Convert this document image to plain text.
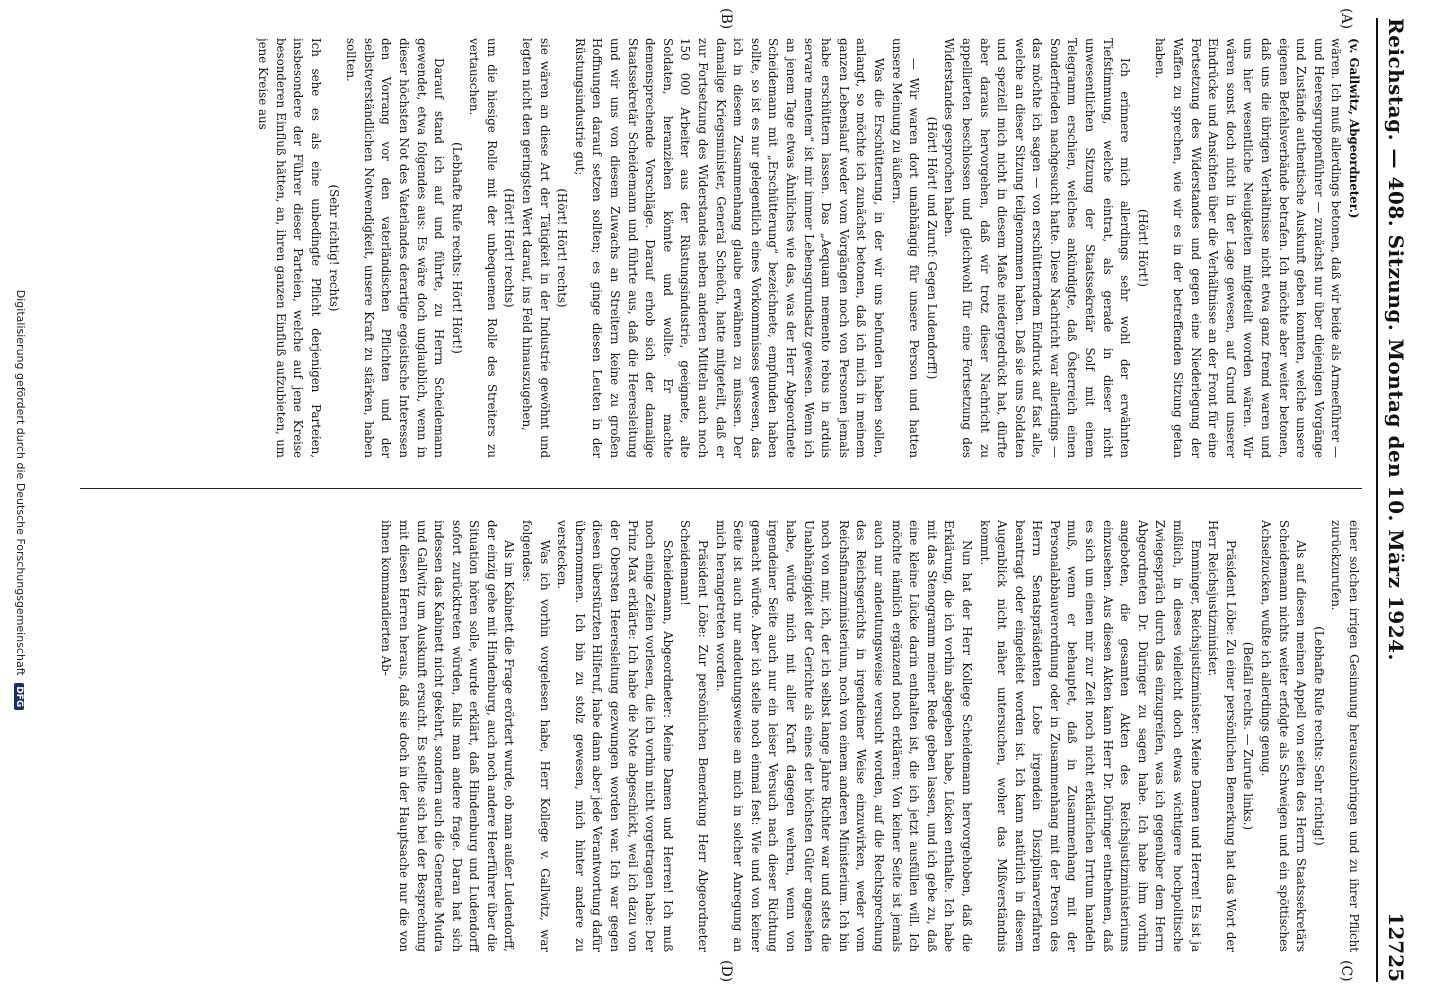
Reichstag. — 408. Sitzung. Montag den 10. März 1924.
12725
(A)
(B)
(C)
(D)

(v. Gallwitz, Abgeordneter.)

wären. Ich muß allerdings betonen, daß wir beide als Armeeführer — und Heeresgruppenführer — zunächst nur über diejenigen Vorgänge und Zustände authentische Auskunft geben konnten, welche unsere eigenen Befehlsverbände betrafen. Ich möchte aber weiter betonen, daß uns die übrigen Verhältnisse nicht etwa ganz fremd waren und uns hier wesentliche Neuigkeiten mitgeteilt worden wären. Wir wären sonst doch nicht in der Lage gewesen, auf Grund unserer Eindrücke und Ansichten über die Verhältnisse an der Front für eine Fortsetzung des Widerstandes und gegen eine Niederlegung der Waffen zu sprechen, wie wir es in der betreffenden Sitzung getan haben.

(Hört! Hört!)

Ich erinnere mich allerdings sehr wohl der erwähnten Tiefstimmung, welche eintrat, als gerade in dieser nicht unwesentlichen Sitzung der Staatssekretär Solf mit einem Telegramm erschien, welches ankündigte, daß Österreich einen Sonderfrieden nachgesucht hatte. Diese Nachricht war allerdings — das möchte ich sagen — von erschütterndem Eindruck auf fast alle, welche an dieser Sitzung teilgenommen haben. Daß sie uns Soldaten und speziell mich nicht in diesem Maße niedergedrückt hat, dürfte aber daraus hervorgehen, daß wir trotz dieser Nachricht zu appellierten beschlossen und gleichwohl für eine Fortsetzung des Widerstandes gesprochen haben.

(Hört! Hört! und Zuruf: Gegen Ludendorff!)

— Wir waren dort unabhängig für unsere Person und hatten unsere Meinung zu äußern.

Was die Erschütterung, in der wir uns befunden haben sollen, anlangt, so möchte ich zunächst betonen, daß ich mich in meinem ganzen Lebenslauf weder vom Vorgängen noch von Personen jemals habe erschüttern lassen. Das „Aequam memento rebus in arduis servare mentem“ ist mir immer Lebensgrundsatz gewesen. Wenn ich an jenem Tage etwas Ähnliches wie das, was der Herr Abgeordnete Scheidemann mit „Erschütterung“ bezeichnete, empfunden haben sollte, so ist es nur gelegentlich eines Vorkommnisses gewesen, das ich in diesem Zusammenhang glaube erwähnen zu müssen. Der damalige Kriegsminister, General Scheüch, hatte mitgeteilt, daß er zur Fortsetzung des Widerstandes neben anderen Mitteln auch noch 150 000 Arbeiter aus der Rüstungsindustrie, geeignete, alte Soldaten, heranziehen könnte und wollte. Er machte demensprechende Vorschläge. Darauf erhob sich der damalige Staatssekretär Scheidemann und führte aus, daß die Heeresleitung und wir uns von diesem Zuwachs an Streitern keine zu großen Hoffnungen darauf setzen sollten; es ginge diesen Leuten in der Rüstungsindustrie gut;

(Hört! Hört! rechts)

sie wären an diese Art der Tätigkeit in der Industrie gewöhnt und legten nicht den geringsten Wert darauf, ins Feld hinauszugehen,

(Hört! Hört! rechts)

um die hiesige Rolle mit der unbequemen Rolle des Streiters zu vertauschen.

(Lebhafte Rufe rechts: Hört! Hört!)

Darauf stand ich auf und führte, zu Herrn Scheidemann gewendet, etwa folgendes aus: Es wäre doch unglaublich, wenn in dieser höchsten Not des Vaterlandes derartige egoistische Interessen den Vorrang vor den vaterländischen Pflichten und der selbstverständlichen Notwendigkeit, unsere Kraft zu stärken, haben sollten.

(Sehr richtig! rechts)

Ich sehe es als eine unbedingte Pflicht derjenigen Parteien, insbesondere der Führer dieser Parteien, welche auf jene Kreise besonderen Einfluß hätten, an, ihren ganzen Einfluß aufzubieten, um jene Kreise aus

einer solchen irrigen Gesinnung herauszubringen und zu ihrer Pflicht zurückzurufen.

(Lebhafte Rufe rechts: Sehr richtig!)

Als auf diesen meinen Appell von seiten des Herrn Staatssekretärs Scheidemann nichts weiter erfolgte als Schweigen und ein spöttisches Achselzucken, wußte ich allerdings genug.

(Beifall rechts. — Zurufe links.)

Präsident Löbe: Zu einer persönlichen Bemerkung hat das Wort der Herr Reichsjustizminister.

Emminger, Reichsjustizminister: Meine Damen und Herren! Es ist ja mißlich, in dieses vielleicht doch etwas wichtigere hochpolitische Zwiegespräch durch das einzugreifen, was ich gegenüber dem Herrn Abgeordneten Dr. Düringer zu sagen habe. Ich habe ihm vorhin angeboten, die gesamten Akten des Reichsjustizministeriums einzusehen. Aus diesen Akten kann Herr Dr. Düringer entnehmen, daß es sich um einen mir zur Zeit noch nicht erklärlichen Irrtum handeln muß, wenn er behauptet, daß in Zusammenhang mit der Personalabbauverordnung oder in Zusammenhang mit der Person des Herrn Senatspräsidenten Lobe irgendein Disziplinarverfahren beantragt oder eingeleitet worden ist. Ich kann natürlich in diesem Augenblick nicht näher untersuchen, woher das Mißverständnis kommt.

Nun hat der Herr Kollege Scheidemann hervorgehoben, daß die Erklärung, die ich vorhin abgegeben habe, Lücken enthalte. Ich habe mit das Stenogramm meiner Rede geben lassen, und ich gebe zu, daß eine kleine Lücke darin enthalten ist, die ich jetzt ausfüllen will. Ich möchte nämlich ergänzend noch erklären: Von keiner Seite ist jemals auch nur andeutungsweise versucht worden, auf die Rechtsprechung des Reichsgerichts in irgendeiner Weise einzuwirken, weder vom Reichsfinanzministerium, noch von einem anderen Ministerium. Ich bin noch von mir, ich, der ich selbst lange Jahre Richter war und stets die Unabhängigkeit der Gerichte als eines der höchsten Güter angesehen habe, würde mich mit aller Kraft dagegen wehren, wenn von irgendeiner Seite auch nur ein leiser Versuch nach dieser Richtung gemacht würde. Aber ich stelle noch einmal fest: Wie und von keiner Seite ist auch nur andeutungsweise an mich in solcher Anregung an mich herangetreten worden.

Präsident Löbe: Zur persönlichen Bemerkung Herr Abgeordneter Scheidemann!

Scheidemann, Abgeordneter: Meine Damen und Herren! Ich muß noch einige Zeilen vorlesen, die ich vorhin nicht vorgetragen habe: Der Prinz Max erklärte: Ich habe die Note abgeschickt, weil ich dazu von der Obersten Heeresleitung gezwungen worden war. Ich war gegen diesen überstürzten Hilferuf, habe dann aber jede Verantwortung dafür übernommen. Ich bin zu stolz gewesen, mich hinter andere zu verstecken.

Was ich vorhin vorgelesen habe, Herr Kollege v. Gallwitz, war folgendes:

Als im Kabinett die Frage erörtert wurde, ob man außer Ludendorff, der einzig gehe mit Hindenburg, auch noch andere Heerführer über die Situation hören solle, wurde erklärt, daß Hindenburg und Ludendorff sofort zurücktreten würden, falls man andere frage. Daran hat sich indessen das Kabinett nicht gekehrt, sondern auch die Generale Mudra und Gallwitz um Auskunft ersucht. Es stellte sich bei der Besprechung mit diesen Herren heraus, daß sie doch in der Hauptsache nur die von ihnen kommandierten Ab-

Digitalisierung gefördert durch die Deutsche Forschungsgemeinschaft DFG
